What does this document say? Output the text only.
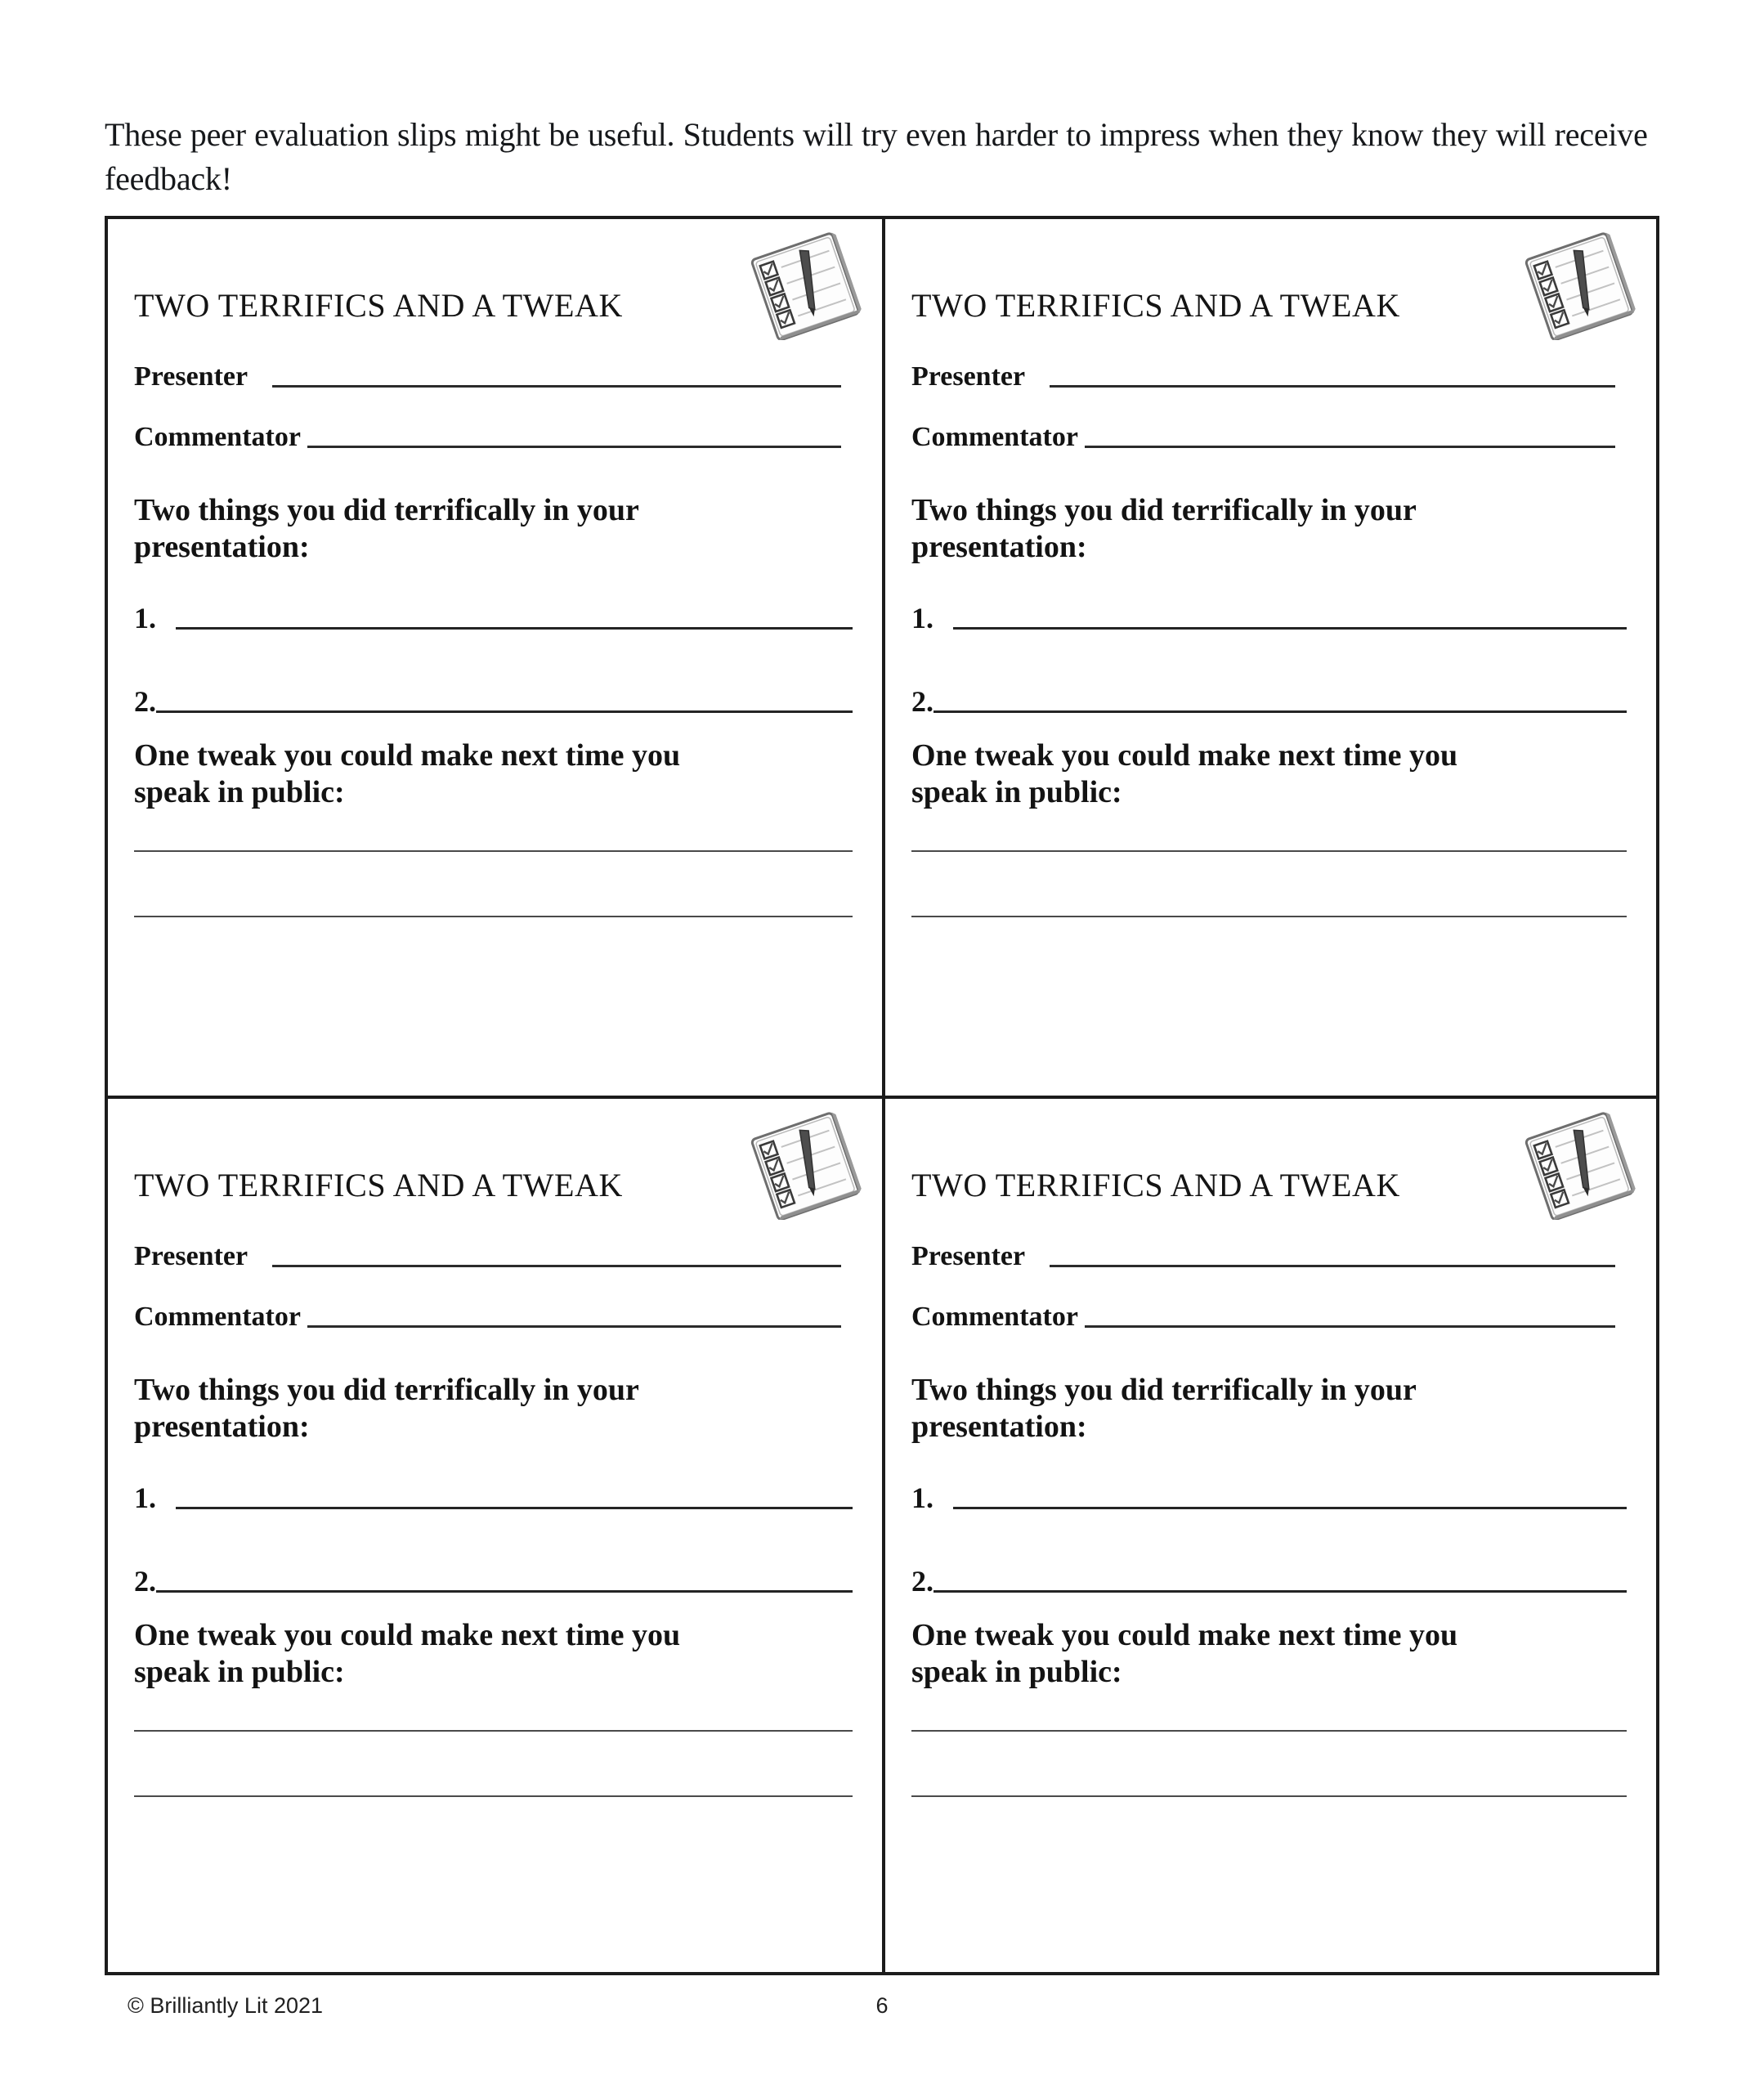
These peer evaluation slips might be useful. Students will try even harder to impress when they know they will receive feedback!

TWO TERRIFICS AND A TWEAK
Presenter
Commentator
Two things you did terrifically in your presentation:
1.
2.
One tweak you could make next time you speak in public:
TWO TERRIFICS AND A TWEAK
Presenter
Commentator
Two things you did terrifically in your presentation:
1.
2.
One tweak you could make next time you speak in public:
TWO TERRIFICS AND A TWEAK
Presenter
Commentator
Two things you did terrifically in your presentation:
1.
2.
One tweak you could make next time you speak in public:
TWO TERRIFICS AND A TWEAK
Presenter
Commentator
Two things you did terrifically in your presentation:
1.
2.
One tweak you could make next time you speak in public:
© Brilliantly Lit 2021	6
